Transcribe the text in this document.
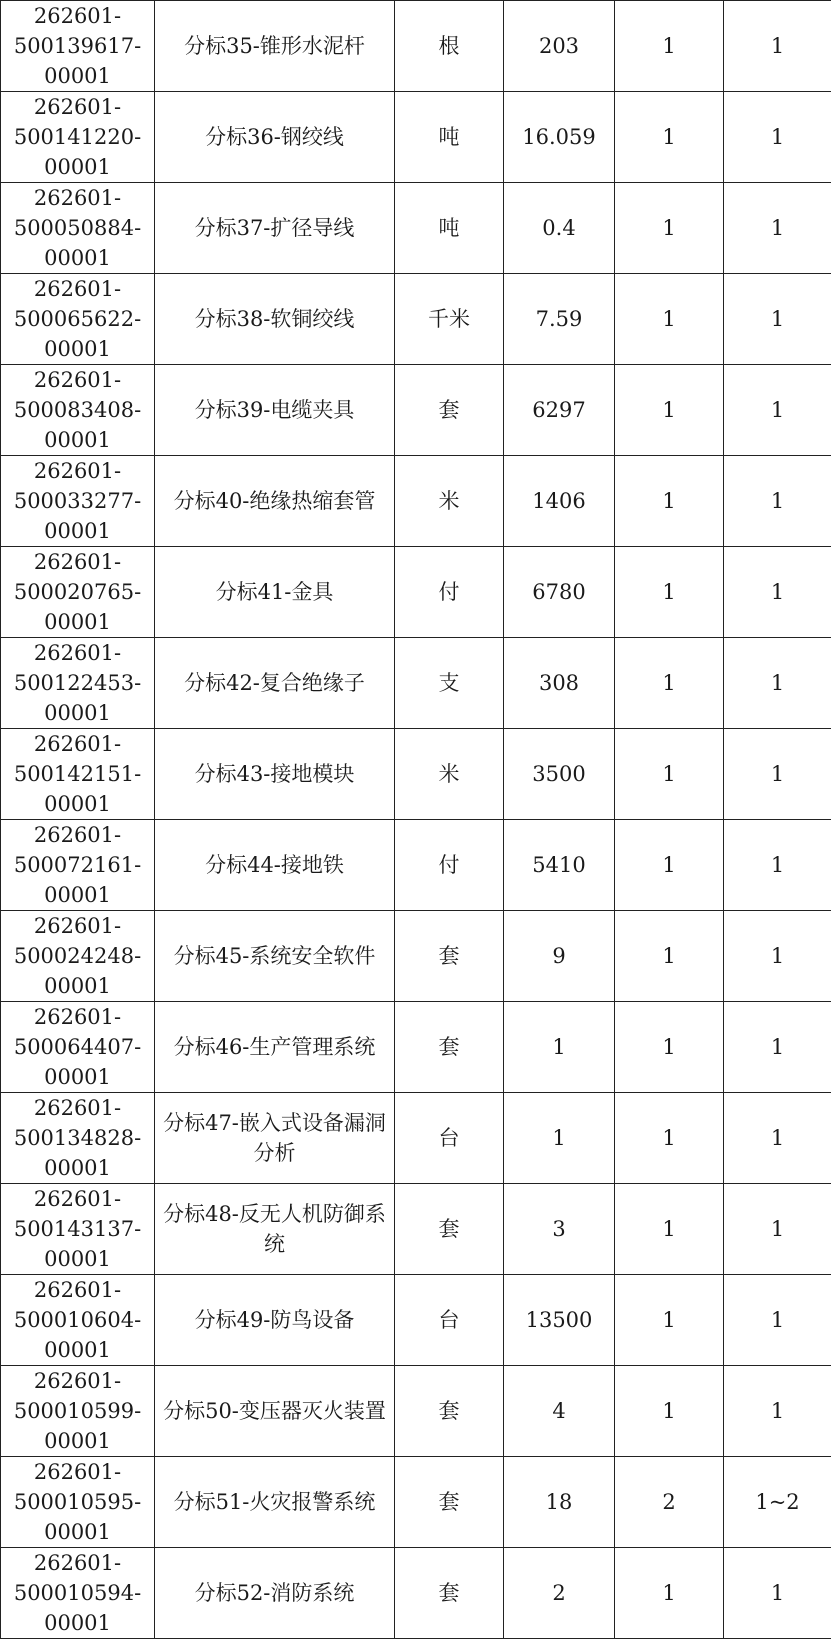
262601-
500139617-
00001	分标35-锥形水泥杆	根	203	1	1

262601-
500141220-
00001	分标36-钢绞线	吨	16.059	1	1

262601-
500050884-
00001	分标37-扩径导线	吨	0.4	1	1

262601-
500065622-
00001	分标38-软铜绞线	千米	7.59	1	1

262601-
500083408-
00001	分标39-电缆夹具	套	6297	1	1

262601-
500033277-
00001	分标40-绝缘热缩套管	米	1406	1	1

262601-
500020765-
00001	分标41-金具	付	6780	1	1

262601-
500122453-
00001	分标42-复合绝缘子	支	308	1	1

262601-
500142151-
00001	分标43-接地模块	米	3500	1	1

262601-
500072161-
00001	分标44-接地铁	付	5410	1	1

262601-
500024248-
00001	分标45-系统安全软件	套	9	1	1

262601-
500064407-
00001	分标46-生产管理系统	套	1	1	1

262601-
500134828-
00001	分标47-嵌入式设备漏洞分析	台	1	1	1

262601-
500143137-
00001	分标48-反无人机防御系统	套	3	1	1

262601-
500010604-
00001	分标49-防鸟设备	台	13500	1	1

262601-
500010599-
00001	分标50-变压器灭火装置	套	4	1	1

262601-
500010595-
00001	分标51-火灾报警系统	套	18	2	1~2

262601-
500010594-
00001	分标52-消防系统	套	2	1	1
